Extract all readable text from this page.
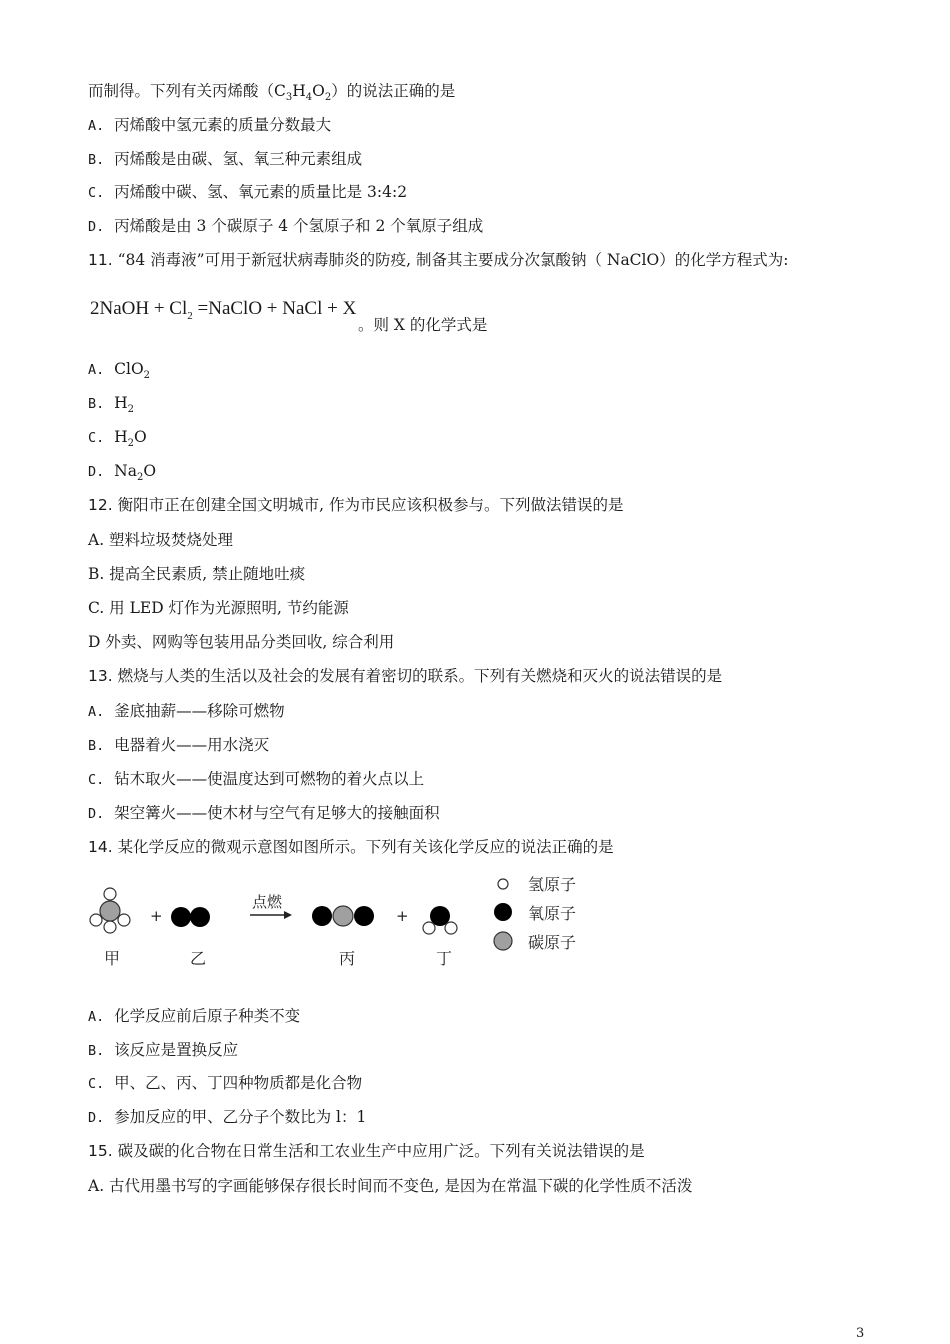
而制得。下列有关丙烯酸$(C_3H_4O_2)$的说法正确的是
A. 丙烯酸中氢元素的质量分数最大
B. 丙烯酸是由碳、氢、氧三种元素组成
C. 丙烯酸中碳、氢、氧元素的质量比是 3:4:2
D. 丙烯酸是由 3 个碳原子 4 个氢原子和 2 个氧原子组成
11. “84 消毒液”可用于新冠状病毒肺炎的防疫, 制备其主要成分次氯酸钠（ NaClO）的化学方程式为:
2NaOH + $Cl_2$ =NaClO + NaCl + X
。则 X 的化学式是
A. ClO$_2$
B. $H_2$
C. $H_2O$
D. $Na_2O$
12. 衡阳市正在创建全国文明城市, 作为市民应该积极参与。下列做法错误的是
A. 塑料垃圾焚烧处理
B. 提高全民素质, 禁止随地吐痰
C. 用 LED 灯作为光源照明, 节约能源
D 外卖、网购等包装用品分类回收, 综合利用
13. 燃烧与人类的生活以及社会的发展有着密切的联系。下列有关燃烧和灭火的说法错误的是
A. 釜底抽薪——移除可燃物
B. 电器着火——用水浇灭
C. 钻木取火——使温度达到可燃物的着火点以上
D. 架空篝火——使木材与空气有足够大的接触面积
14. 某化学反应的微观示意图如图所示。下列有关该化学反应的说法正确的是
+
点燃
+
甲	乙	丙	丁
氢原子
氧原子
碳原子
A. 化学反应前后原子种类不变
B. 该反应是置换反应
C. 甲、乙、丙、丁四种物质都是化合物
D. 参加反应的甲、乙分子个数比为 l：1
15. 碳及碳的化合物在日常生活和工农业生产中应用广泛。下列有关说法错误的是
A. 古代用墨书写的字画能够保存很长时间而不变色, 是因为在常温下碳的化学性质不活泼
3
